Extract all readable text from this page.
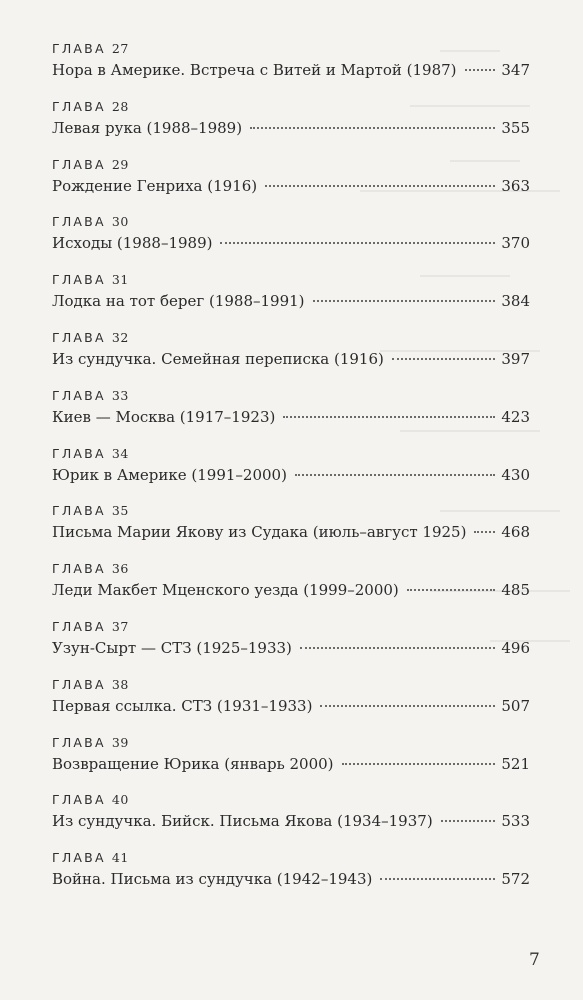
ГЛАВА 27
Нора в Америке. Встреча с Витей и Мартой (1987)	347
ГЛАВА 28
Левая рука (1988–1989)	355
ГЛАВА 29
Рождение Генриха (1916)	363
ГЛАВА 30
Исходы (1988–1989)	370
ГЛАВА 31
Лодка на тот берег (1988–1991)	384
ГЛАВА 32
Из сундучка. Семейная переписка (1916)	397
ГЛАВА 33
Киев — Москва (1917–1923)	423
ГЛАВА 34
Юрик в Америке (1991–2000)	430
ГЛАВА 35
Письма Марии Якову из Судака (июль–август 1925) 468
ГЛАВА 36
Леди Макбет Мценского уезда (1999–2000)	485
ГЛАВА 37
Узун-Сырт — СТЗ (1925–1933)	496
ГЛАВА 38
Первая ссылка. СТЗ (1931–1933)	507
ГЛАВА 39
Возвращение Юрика (январь 2000)	521
ГЛАВА 40
Из сундучка. Бийск. Письма Якова (1934–1937)	533
ГЛАВА 41
Война. Письма из сундучка (1942–1943)	572
7
